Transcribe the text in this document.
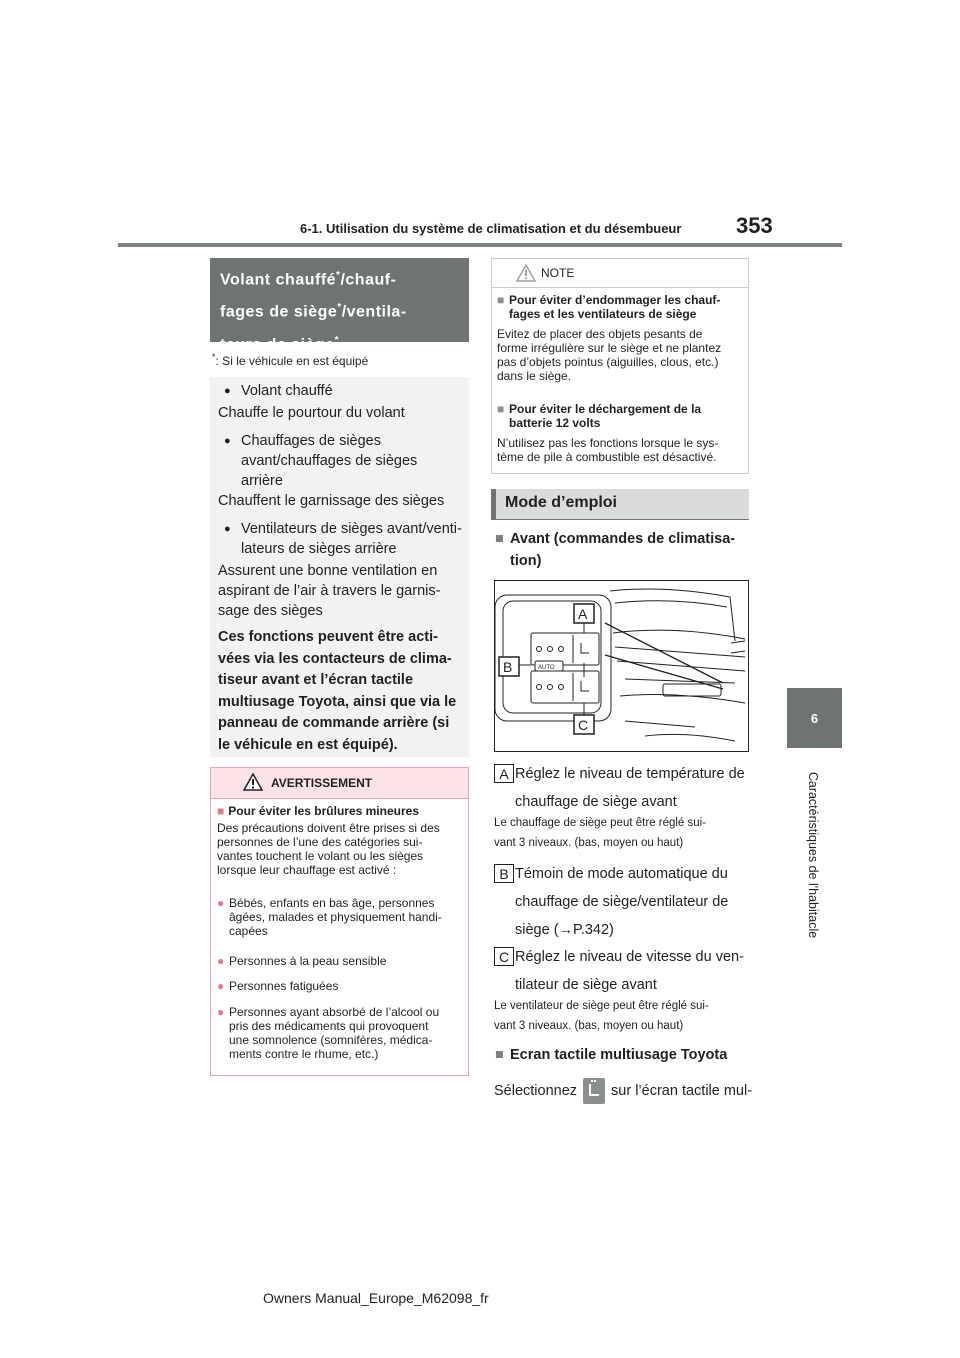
6-1. Utilisation du système de climatisation et du désembueur 353
6
Caractéristiques de l'habitacle
Volant chauffé*/chauf-
fages de siège*/ventila-
teurs de siège*
*: Si le véhicule en est équipé
● Volant chauffé
Chauffe le pourtour du volant
● Chauffages de sièges
avant/chauffages de sièges
arrière
Chauffent le garnissage des sièges
● Ventilateurs de sièges avant/venti-
lateurs de sièges arrière
Assurent une bonne ventilation en
aspirant de l’air à travers le garnis-
sage des sièges
Ces fonctions peuvent être acti-
vées via les contacteurs de clima-
tiseur avant et l’écran tactile
multiusage Toyota, ainsi que via le
panneau de commande arrière (si
le véhicule en est équipé).
AVERTISSEMENT
■ Pour éviter les brûlures mineures
Des précautions doivent être prises si des
personnes de l’une des catégories sui-
vantes touchent le volant ou les sièges
lorsque leur chauffage est activé :
● Bébés, enfants en bas âge, personnes
âgées, malades et physiquement handi-
capées
● Personnes à la peau sensible
● Personnes fatiguées
● Personnes ayant absorbé de l’alcool ou
pris des médicaments qui provoquent
une somnolence (somnifères, médica-
ments contre le rhume, etc.)
NOTE
■ Pour éviter d’endommager les chauf-
fages et les ventilateurs de siège
Evitez de placer des objets pesants de
forme irrégulière sur le siège et ne plantez
pas d’objets pointus (aiguilles, clous, etc.)
dans le siège.
■ Pour éviter le déchargement de la
batterie 12 volts
N’utilisez pas les fonctions lorsque le sys-
tème de pile à combustible est désactivé.
Mode d’emploi
■ Avant (commandes de climatisa-
tion)
AUTO
A
B
C
A Réglez le niveau de température de
chauffage de siège avant
Le chauffage de siège peut être réglé sui-
vant 3 niveaux. (bas, moyen ou haut)
B Témoin de mode automatique du
chauffage de siège/ventilateur de
siège (→P.342)
C Réglez le niveau de vitesse du ven-
tilateur de siège avant
Le ventilateur de siège peut être réglé sui-
vant 3 niveaux. (bas, moyen ou haut)
■ Ecran tactile multiusage Toyota
Sélectionnez sur l’écran tactile mul-
Owners Manual_Europe_M62098_fr
